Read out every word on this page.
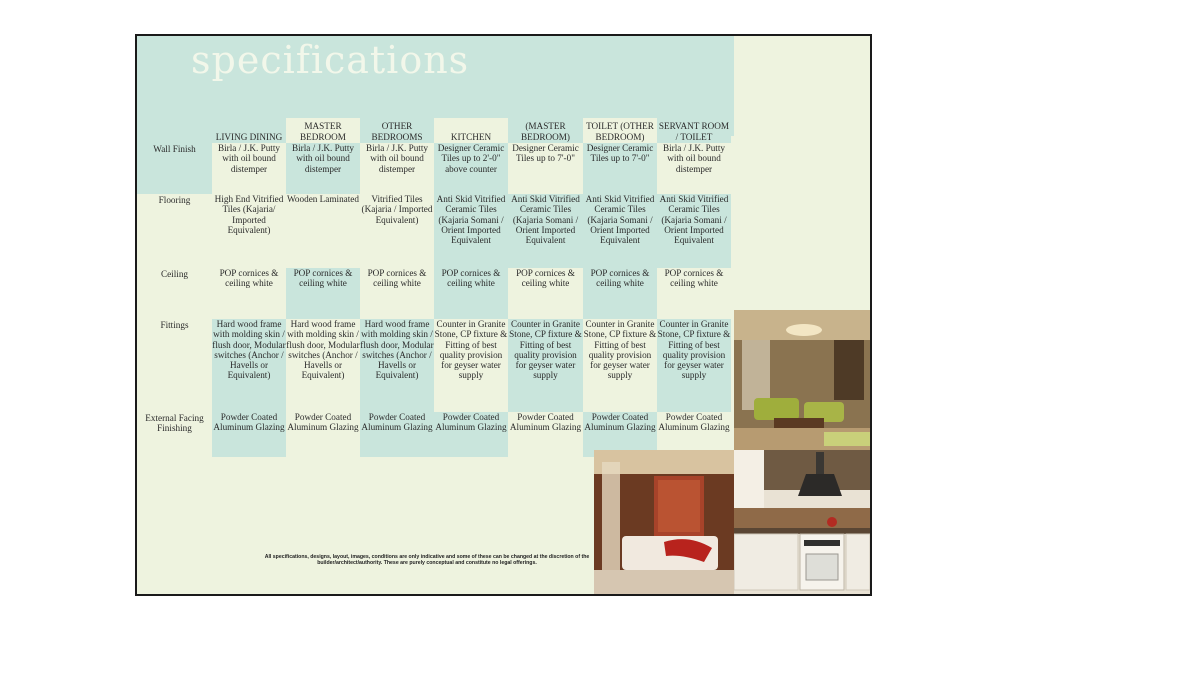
specifications
	LIVING DINING	MASTER BEDROOM	OTHER BEDROOMS	KITCHEN	(MASTER BEDROOM)	TOILET (OTHER BEDROOM)	SERVANT ROOM / TOILET
Wall Finish	Birla / J.K. Putty with oil bound distemper	Birla / J.K. Putty with oil bound distemper	Birla / J.K. Putty with oil bound distemper	Designer Ceramic Tiles up to 2'-0" above counter	Designer Ceramic Tiles up to 7'-0"	Designer Ceramic Tiles up to 7'-0"	Birla / J.K. Putty with oil bound distemper
Flooring	High End Vitrified Tiles (Kajaria/ Imported Equivalent)	Wooden Laminated	Vitrified Tiles (Kajaria / Imported Equivalent)	Anti Skid Vitrified Ceramic Tiles (Kajaria Somani / Orient Imported Equivalent	Anti Skid Vitrified Ceramic Tiles (Kajaria Somani / Orient Imported Equivalent	Anti Skid Vitrified Ceramic Tiles (Kajaria Somani / Orient Imported Equivalent	Anti Skid Vitrified Ceramic Tiles (Kajaria Somani / Orient Imported Equivalent
Ceiling	POP cornices & ceiling white	POP cornices & ceiling white	POP cornices & ceiling white	POP cornices & ceiling white	POP cornices & ceiling white	POP cornices & ceiling white	POP cornices & ceiling white
Fittings	Hard wood frame with molding skin / flush door, Modular switches (Anchor / Havells or Equivalent)	Hard wood frame with molding skin / flush door, Modular switches (Anchor / Havells or Equivalent)	Hard wood frame with molding skin / flush door, Modular switches (Anchor / Havells or Equivalent)	Counter in Granite Stone, CP fixture & Fitting of best quality provision for geyser water supply	Counter in Granite Stone, CP fixture & Fitting of best quality provision for geyser water supply	Counter in Granite Stone, CP fixture & Fitting of best quality provision for geyser water supply	Counter in Granite Stone, CP fixture & Fitting of best quality provision for geyser water supply
External Facing Finishing	Powder Coated Aluminum Glazing	Powder Coated Aluminum Glazing	Powder Coated Aluminum Glazing	Powder Coated Aluminum Glazing	Powder Coated Aluminum Glazing	Powder Coated Aluminum Glazing	Powder Coated Aluminum Glazing
All specifications, designs, layout, images, conditions are only indicative and some of these can be changed at the discretion of the builder/architect/authority. These are purely conceptual and constitute no legal offerings.
